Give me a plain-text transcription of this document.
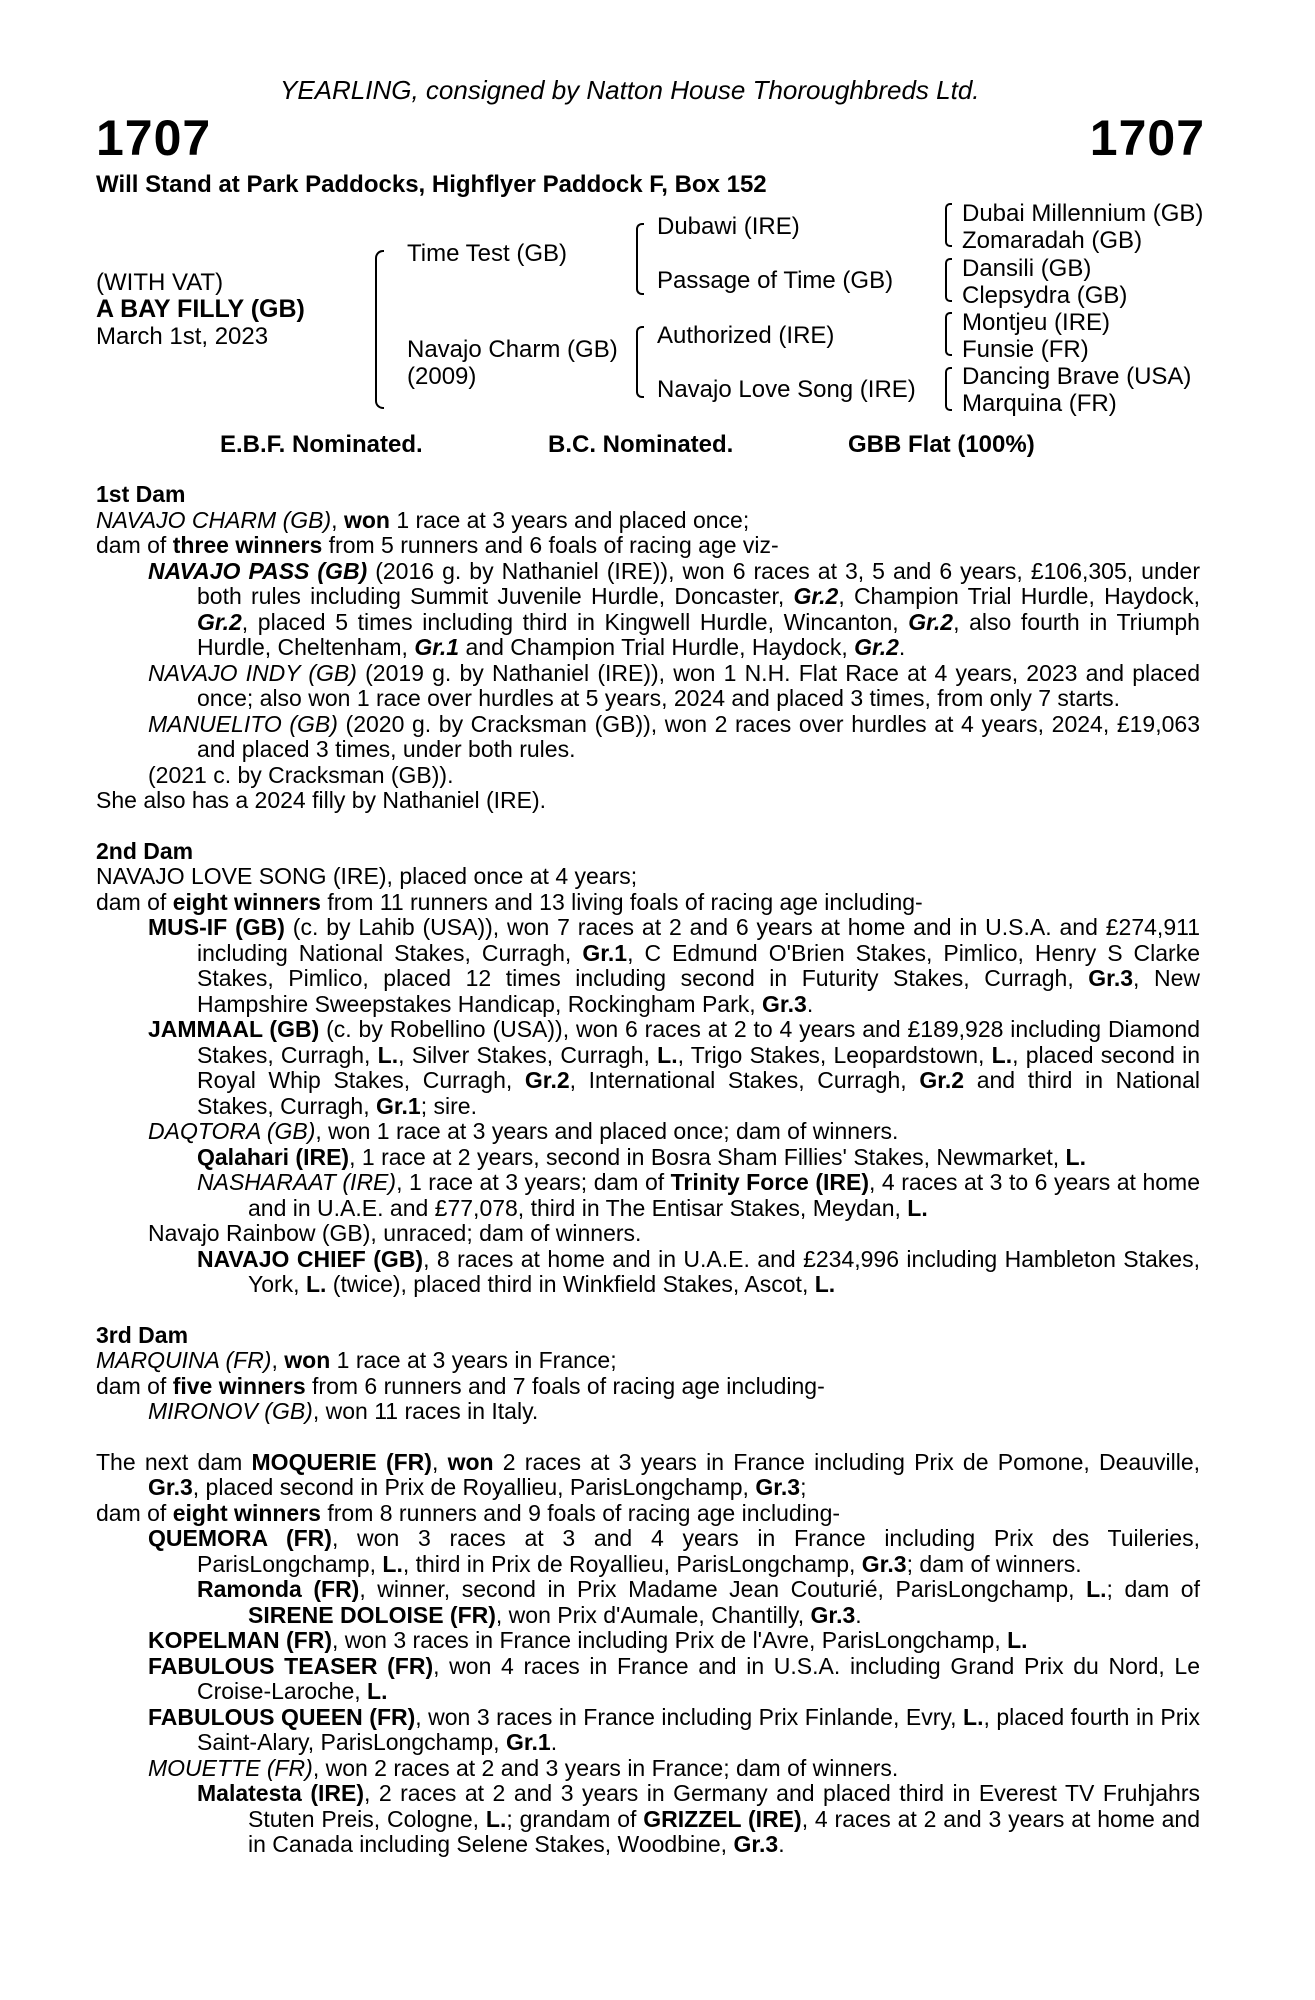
YEARLING, consigned by Natton House Thoroughbreds Ltd.
1707	1707
Will Stand at Park Paddocks, Highflyer Paddock F, Box 152
(WITH VAT)
A BAY FILLY (GB)
March 1st, 2023
Time Test (GB)
Navajo Charm (GB)
(2009)
Dubawi (IRE)
Passage of Time (GB)
Authorized (IRE)
Navajo Love Song (IRE)
Dubai Millennium (GB)
Zomaradah (GB)
Dansili (GB)
Clepsydra (GB)
Montjeu (IRE)
Funsie (FR)
Dancing Brave (USA)
Marquina (FR)
E.B.F. Nominated.	B.C. Nominated.	GBB Flat (100%)

1st Dam

NAVAJO CHARM (GB), won 1 race at 3 years and placed once;

dam of three winners from 5 runners and 6 foals of racing age viz-

NAVAJO PASS (GB) (2016 g. by Nathaniel (IRE)), won 6 races at 3, 5 and 6 years, £106,305, under both rules including Summit Juvenile Hurdle, Doncaster, Gr.2, Champion Trial Hurdle, Haydock, Gr.2, placed 5 times including third in Kingwell Hurdle, Wincanton, Gr.2, also fourth in Triumph Hurdle, Cheltenham, Gr.1 and Champion Trial Hurdle, Haydock, Gr.2.

NAVAJO INDY (GB) (2019 g. by Nathaniel (IRE)), won 1 N.H. Flat Race at 4 years, 2023 and placed once; also won 1 race over hurdles at 5 years, 2024 and placed 3 times, from only 7 starts.

MANUELITO (GB) (2020 g. by Cracksman (GB)), won 2 races over hurdles at 4 years, 2024, £19,063 and placed 3 times, under both rules.

(2021 c. by Cracksman (GB)).

She also has a 2024 filly by Nathaniel (IRE).

2nd Dam

NAVAJO LOVE SONG (IRE), placed once at 4 years;

dam of eight winners from 11 runners and 13 living foals of racing age including-

MUS-IF (GB) (c. by Lahib (USA)), won 7 races at 2 and 6 years at home and in U.S.A. and £274,911 including National Stakes, Curragh, Gr.1, C Edmund O'Brien Stakes, Pimlico, Henry S Clarke Stakes, Pimlico, placed 12 times including second in Futurity Stakes, Curragh, Gr.3, New Hampshire Sweepstakes Handicap, Rockingham Park, Gr.3.

JAMMAAL (GB) (c. by Robellino (USA)), won 6 races at 2 to 4 years and £189,928 including Diamond Stakes, Curragh, L., Silver Stakes, Curragh, L., Trigo Stakes, Leopardstown, L., placed second in Royal Whip Stakes, Curragh, Gr.2, International Stakes, Curragh, Gr.2 and third in National Stakes, Curragh, Gr.1; sire.

DAQTORA (GB), won 1 race at 3 years and placed once; dam of winners.

Qalahari (IRE), 1 race at 2 years, second in Bosra Sham Fillies' Stakes, Newmarket, L.

NASHARAAT (IRE), 1 race at 3 years; dam of Trinity Force (IRE), 4 races at 3 to 6 years at home and in U.A.E. and £77,078, third in The Entisar Stakes, Meydan, L.

Navajo Rainbow (GB), unraced; dam of winners.

NAVAJO CHIEF (GB), 8 races at home and in U.A.E. and £234,996 including Hambleton Stakes, York, L. (twice), placed third in Winkfield Stakes, Ascot, L.

3rd Dam

MARQUINA (FR), won 1 race at 3 years in France;

dam of five winners from 6 runners and 7 foals of racing age including-

MIRONOV (GB), won 11 races in Italy.

The next dam MOQUERIE (FR), won 2 races at 3 years in France including Prix de Pomone, Deauville, Gr.3, placed second in Prix de Royallieu, ParisLongchamp, Gr.3;

dam of eight winners from 8 runners and 9 foals of racing age including-

QUEMORA (FR), won 3 races at 3 and 4 years in France including Prix des Tuileries, ParisLongchamp, L., third in Prix de Royallieu, ParisLongchamp, Gr.3; dam of winners.

Ramonda (FR), winner, second in Prix Madame Jean Couturié, ParisLongchamp, L.; dam of SIRENE DOLOISE (FR), won Prix d'Aumale, Chantilly, Gr.3.

KOPELMAN (FR), won 3 races in France including Prix de l'Avre, ParisLongchamp, L.

FABULOUS TEASER (FR), won 4 races in France and in U.S.A. including Grand Prix du Nord, Le Croise-Laroche, L.

FABULOUS QUEEN (FR), won 3 races in France including Prix Finlande, Evry, L., placed fourth in Prix Saint-Alary, ParisLongchamp, Gr.1.

MOUETTE (FR), won 2 races at 2 and 3 years in France; dam of winners.

Malatesta (IRE), 2 races at 2 and 3 years in Germany and placed third in Everest TV Fruhjahrs Stuten Preis, Cologne, L.; grandam of GRIZZEL (IRE), 4 races at 2 and 3 years at home and in Canada including Selene Stakes, Woodbine, Gr.3.
